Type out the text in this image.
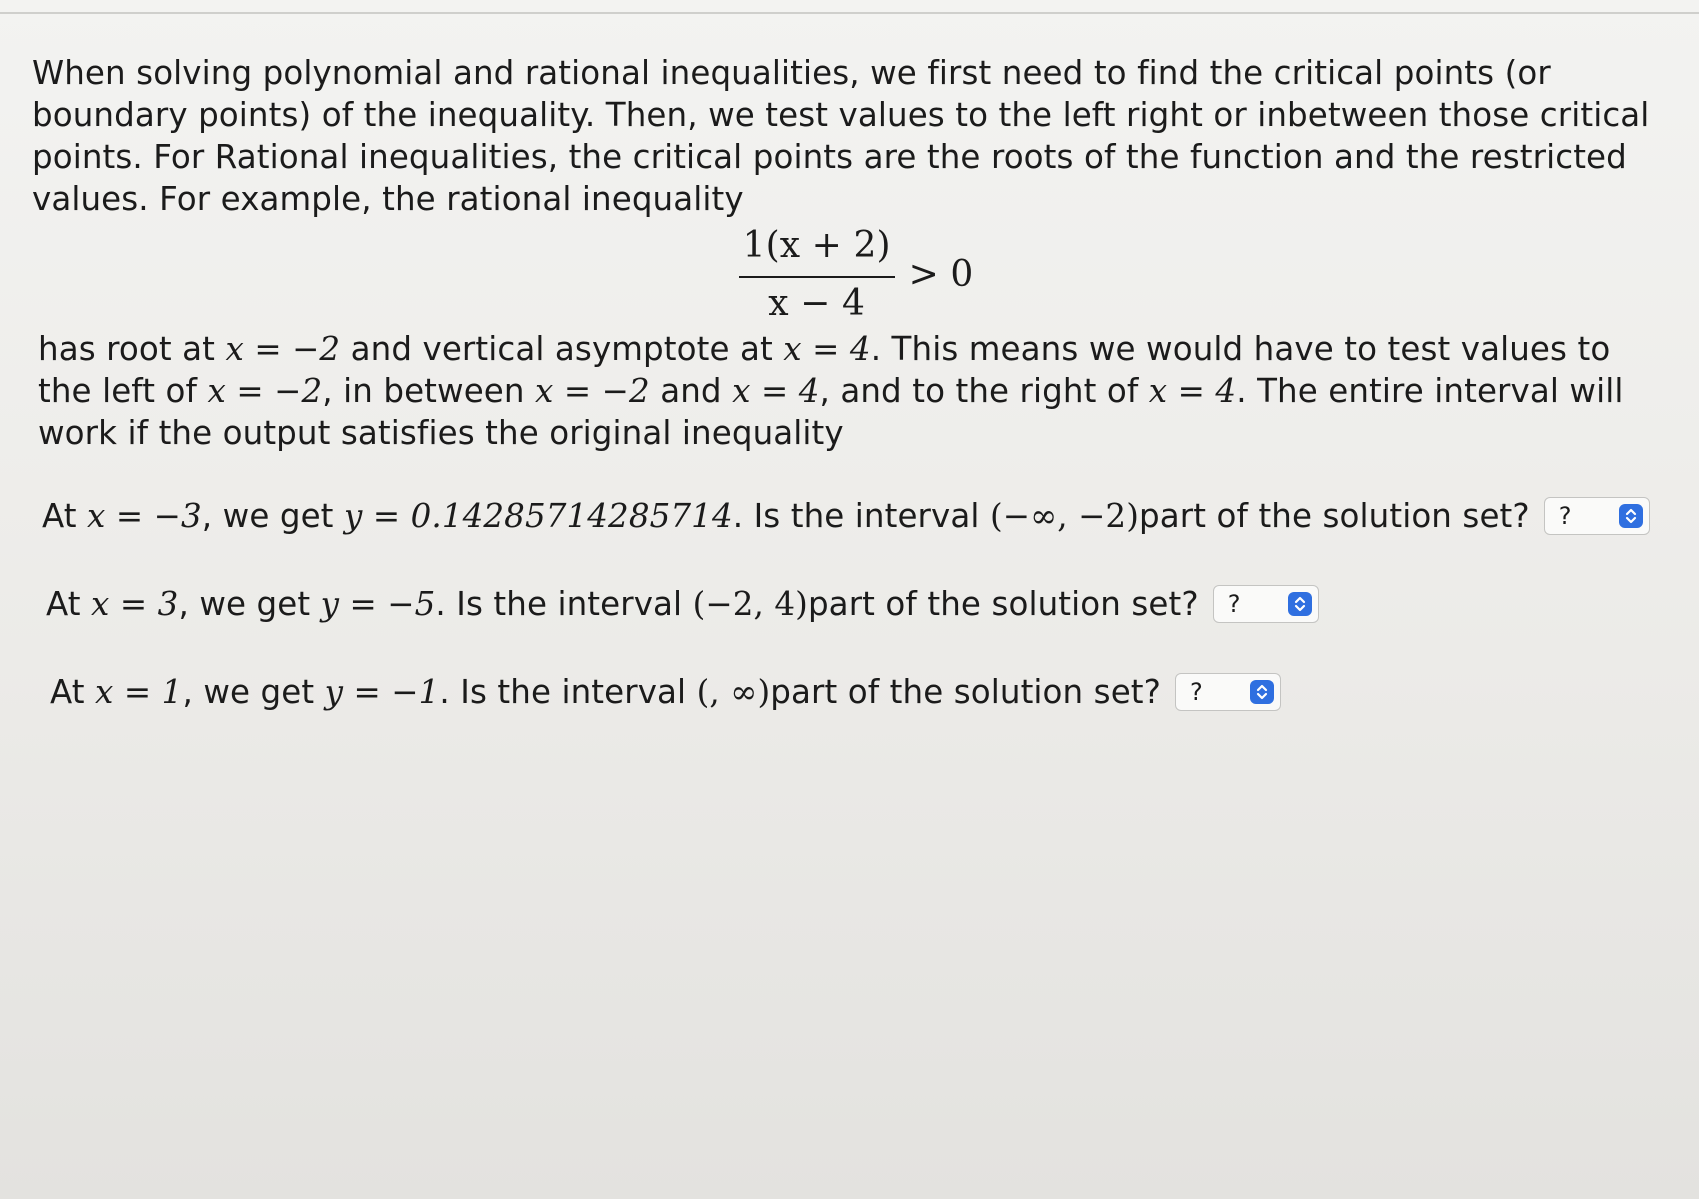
When solving polynomial and rational inequalities, we first need to find the critical points (or boundary points) of the inequality. Then, we test values to the left right or inbetween those critical points. For Rational inequalities, the critical points are the roots of the function and the restricted values. For example, the rational inequality

$\frac{1(x + 2)}{x - 4} > 0$

has root at x = −2 and vertical asymptote at x = 4. This means we would have to test values to the left of x = −2, in between x = −2 and x = 4, and to the right of x = 4. The entire interval will work if the output satisfies the original inequality

At
x = −3 , we get
y = 0.14285714285714 . Is the interval
(−∞, −2) part of the solution set? ?
At
x = 3 , we get
y = −5 . Is the interval
(−2, 4) part of the solution set? ?
At
x = 1 , we get
y = −1 . Is the interval
(, ∞) part of the solution set? ?
